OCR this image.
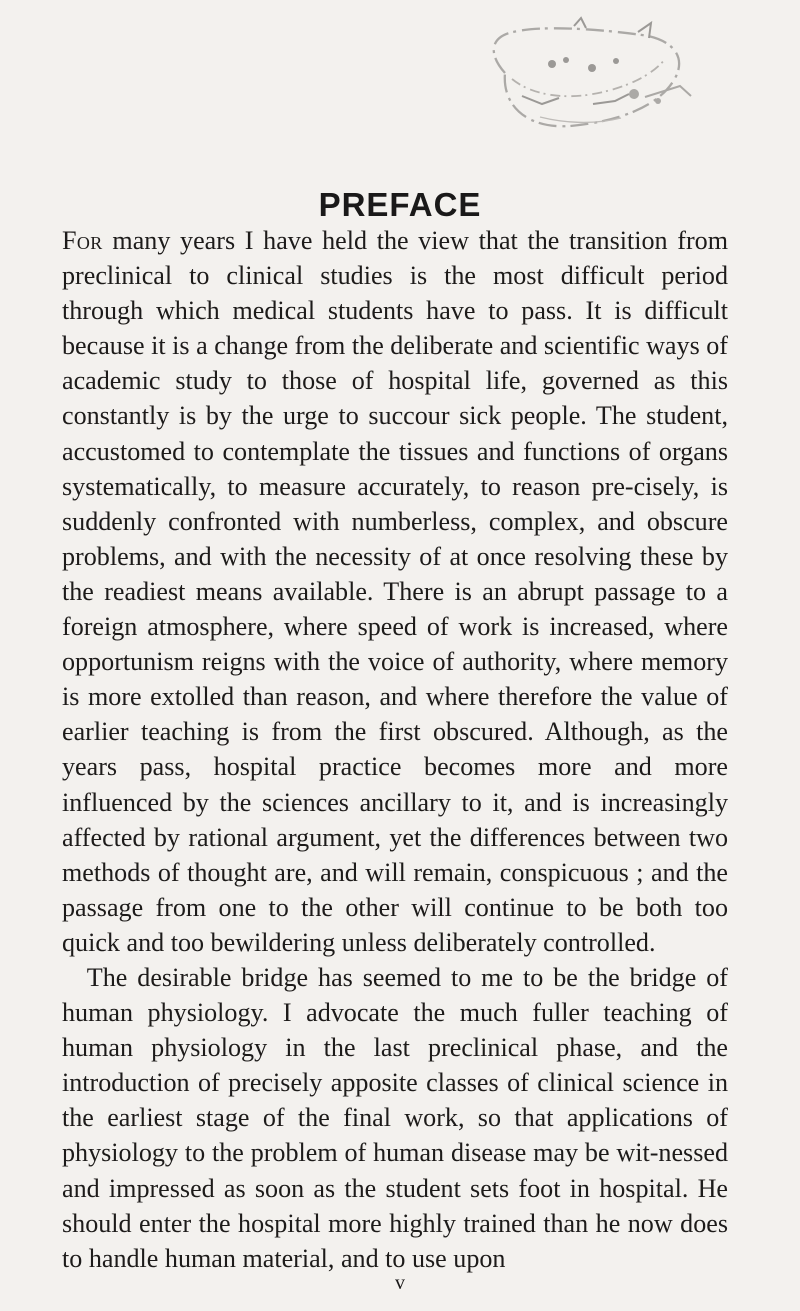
PREFACE

For many years I have held the view that the transition from preclinical to clinical studies is the most difficult period through which medical students have to pass. It is difficult because it is a change from the deliberate and scientific ways of academic study to those of hospital life, governed as this constantly is by the urge to succour sick people. The student, accustomed to contemplate the tissues and functions of organs systematically, to measure accurately, to reason pre-cisely, is suddenly confronted with numberless, complex, and obscure problems, and with the necessity of at once resolving these by the readiest means available. There is an abrupt passage to a foreign atmosphere, where speed of work is increased, where opportunism reigns with the voice of authority, where memory is more extolled than reason, and where therefore the value of earlier teaching is from the first obscured. Although, as the years pass, hospital practice becomes more and more influenced by the sciences ancillary to it, and is increasingly affected by rational argument, yet the differences between two methods of thought are, and will remain, conspicuous ; and the passage from one to the other will continue to be both too quick and too bewildering unless deliberately controlled.

The desirable bridge has seemed to me to be the bridge of human physiology. I advocate the much fuller teaching of human physiology in the last preclinical phase, and the introduction of precisely apposite classes of clinical science in the earliest stage of the final work, so that applications of physiology to the problem of human disease may be wit-nessed and impressed as soon as the student sets foot in hospital. He should enter the hospital more highly trained than he now does to handle human material, and to use upon

v
